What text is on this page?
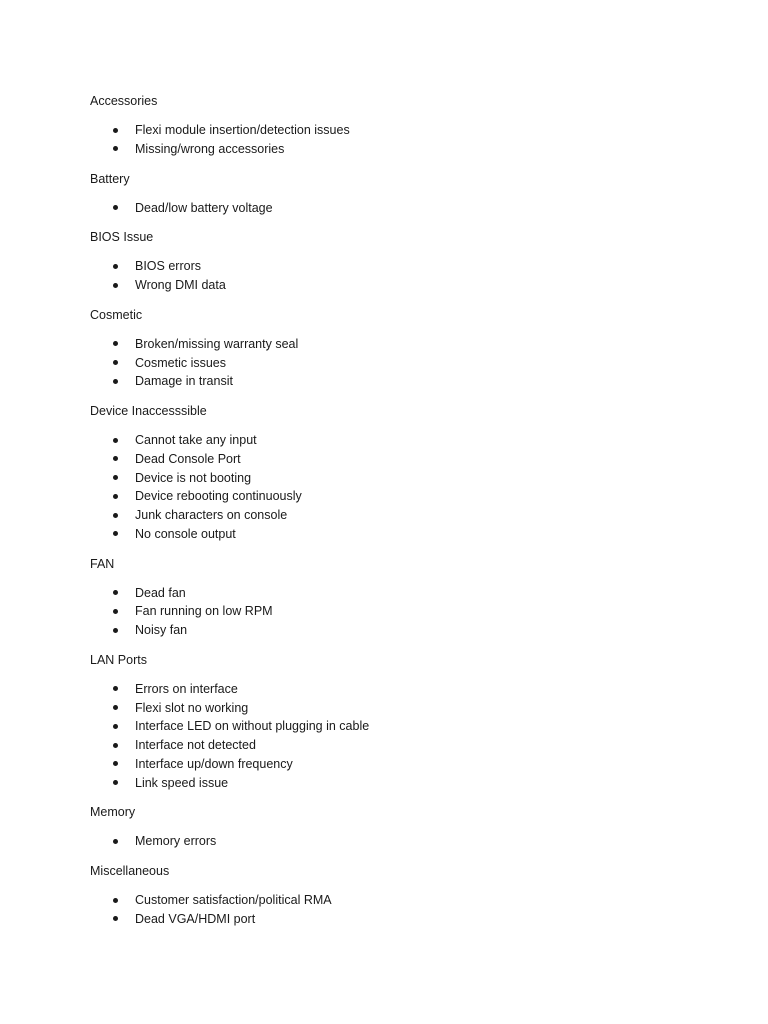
Accessories
Flexi module insertion/detection issues
Missing/wrong accessories
Battery
Dead/low battery voltage
BIOS Issue
BIOS errors
Wrong DMI data
Cosmetic
Broken/missing warranty seal
Cosmetic issues
Damage in transit
Device Inaccesssible
Cannot take any input
Dead Console Port
Device is not booting
Device rebooting continuously
Junk characters on console
No console output
FAN
Dead fan
Fan running on low RPM
Noisy fan
LAN Ports
Errors on interface
Flexi slot no working
Interface LED on without plugging in cable
Interface not detected
Interface up/down frequency
Link speed issue
Memory
Memory errors
Miscellaneous
Customer satisfaction/political RMA
Dead VGA/HDMI port
